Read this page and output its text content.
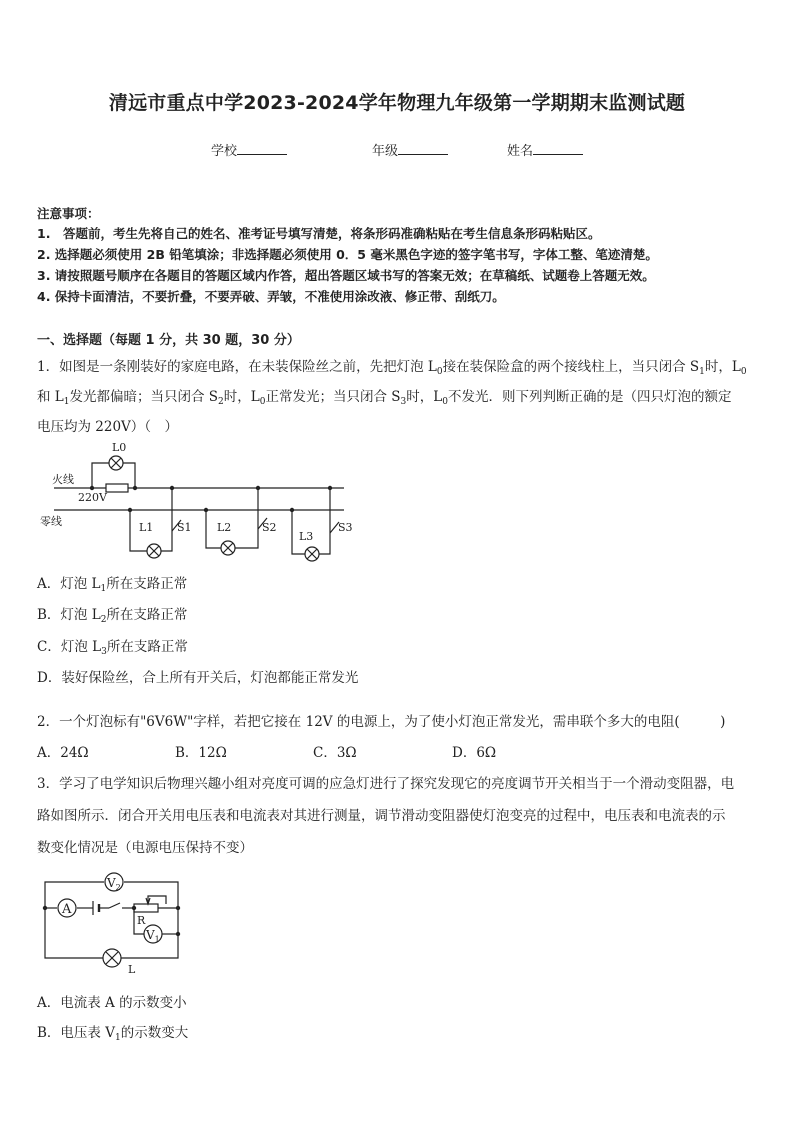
清远市重点中学2023-2024学年物理九年级第一学期期末监测试题
学校	年级	姓名
注意事项：
1.　答题前，考生先将自己的姓名、准考证号填写清楚，将条形码准确粘贴在考生信息条形码粘贴区。
2. 选择题必须使用 2B 铅笔填涂；非选择题必须使用 0．5 毫米黑色字迹的签字笔书写，字体工整、笔迹清楚。
3. 请按照题号顺序在各题目的答题区域内作答，超出答题区域书写的答案无效；在草稿纸、试题卷上答题无效。
4. 保持卡面清洁，不要折叠，不要弄破、弄皱，不准使用涂改液、修正带、刮纸刀。
一、选择题（每题 1 分，共 30 题，30 分）
1．如图是一条刚装好的家庭电路，在未装保险丝之前，先把灯泡 $L_0$接在装保险盒的两个接线柱上，当只闭合 $S_1$时，$L_0$
和 $L_1$发光都偏暗；当只闭合 $S_2$时，$L_0$正常发光；当只闭合 $S_3$时，$L_0$不发光．则下列判断正确的是（四只灯泡的额定
电压均为 220V）（　）
火线
零线
220V
L0
L1 S1 L2	S2
L3
S3
A．灯泡 $L_1$所在支路正常
B．灯泡 $L_2$所在支路正常
C．灯泡 $L_3$所在支路正常
D．装好保险丝，合上所有开关后，灯泡都能正常发光
2．一个灯泡标有"6V6W"字样，若把它接在 12V 的电源上，为了使小灯泡正常发光，需串联个多大的电阻(　　　)
A．24Ω	B．12Ω	C．3Ω	D．6Ω
3．学习了电学知识后物理兴趣小组对亮度可调的应急灯进行了探究发现它的亮度调节开关相当于一个滑动变阻器，电
路如图所示．闭合开关用电压表和电流表对其进行测量，调节滑动变阻器使灯泡变亮的过程中，电压表和电流表的示
数变化情况是（电源电压保持不变）
A
$V_2$
$V_1$
R
L
A．电流表 A 的示数变小
B．电压表 $V_1$的示数变大
